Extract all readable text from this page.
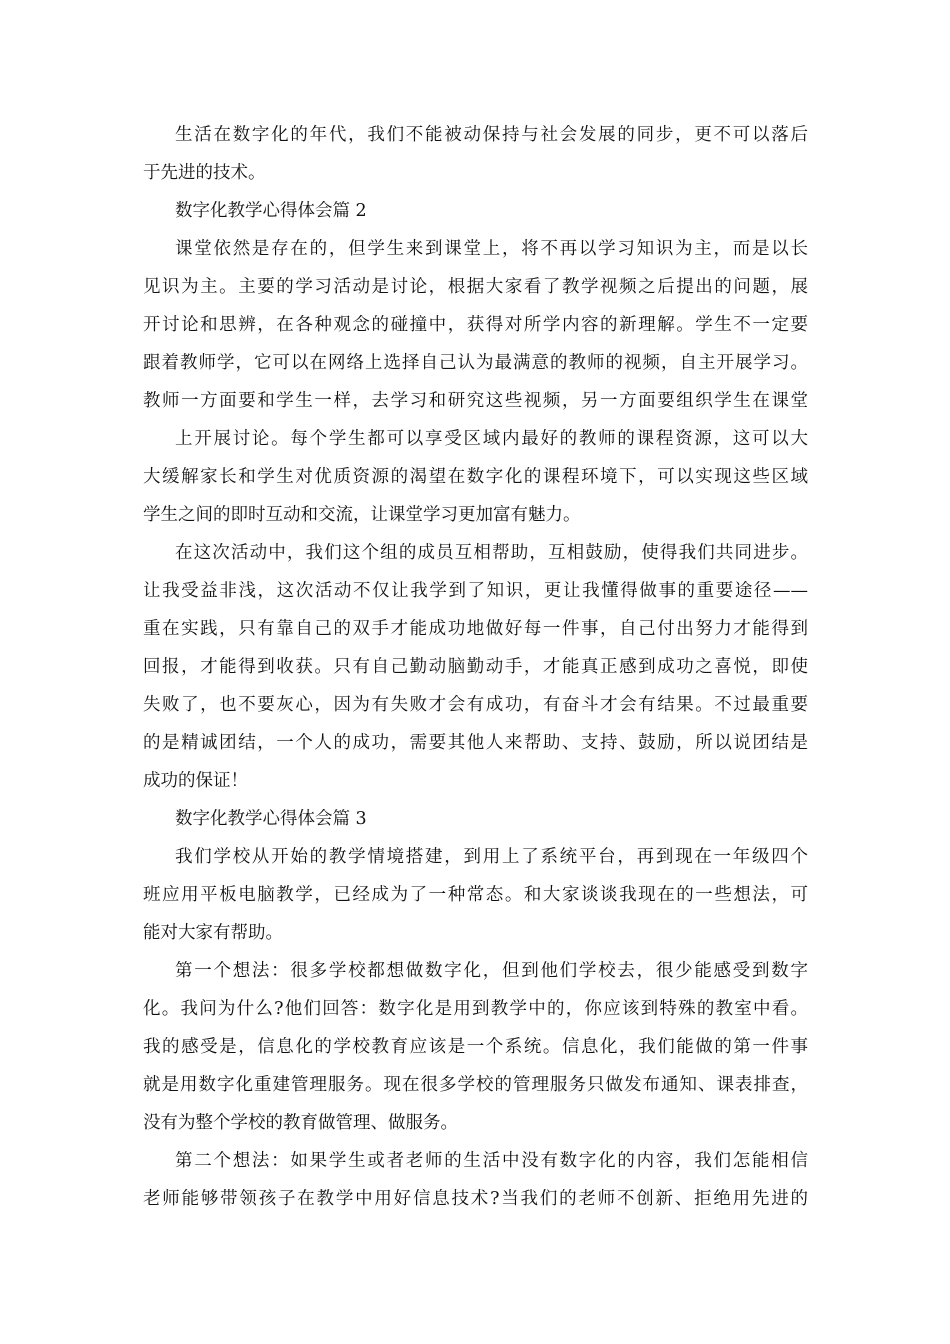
生活在数字化的年代，我们不能被动保持与社会发展的同步，更不可以落后
于先进的技术。
数字化教学心得体会篇 2
课堂依然是存在的，但学生来到课堂上，将不再以学习知识为主，而是以长
见识为主。主要的学习活动是讨论，根据大家看了教学视频之后提出的问题，展
开讨论和思辨，在各种观念的碰撞中，获得对所学内容的新理解。学生不一定要
跟着教师学，它可以在网络上选择自己认为最满意的教师的视频，自主开展学习。
教师一方面要和学生一样，去学习和研究这些视频，另一方面要组织学生在课堂
上开展讨论。每个学生都可以享受区域内最好的教师的课程资源，这可以大
大缓解家长和学生对优质资源的渴望在数字化的课程环境下，可以实现这些区域
学生之间的即时互动和交流，让课堂学习更加富有魅力。
在这次活动中，我们这个组的成员互相帮助，互相鼓励，使得我们共同进步。
让我受益非浅，这次活动不仅让我学到了知识，更让我懂得做事的重要途径——
重在实践，只有靠自己的双手才能成功地做好每一件事，自己付出努力才能得到
回报，才能得到收获。只有自己勤动脑勤动手，才能真正感到成功之喜悦，即使
失败了，也不要灰心，因为有失败才会有成功，有奋斗才会有结果。不过最重要
的是精诚团结，一个人的成功，需要其他人来帮助、支持、鼓励，所以说团结是
成功的保证！
数字化教学心得体会篇 3
我们学校从开始的教学情境搭建，到用上了系统平台，再到现在一年级四个
班应用平板电脑教学，已经成为了一种常态。和大家谈谈我现在的一些想法，可
能对大家有帮助。
第一个想法：很多学校都想做数字化，但到他们学校去，很少能感受到数字
化。我问为什么?他们回答：数字化是用到教学中的，你应该到特殊的教室中看。
我的感受是，信息化的学校教育应该是一个系统。信息化，我们能做的第一件事
就是用数字化重建管理服务。现在很多学校的管理服务只做发布通知、课表排查，
没有为整个学校的教育做管理、做服务。
第二个想法：如果学生或者老师的生活中没有数字化的内容，我们怎能相信
老师能够带领孩子在教学中用好信息技术?当我们的老师不创新、拒绝用先进的
